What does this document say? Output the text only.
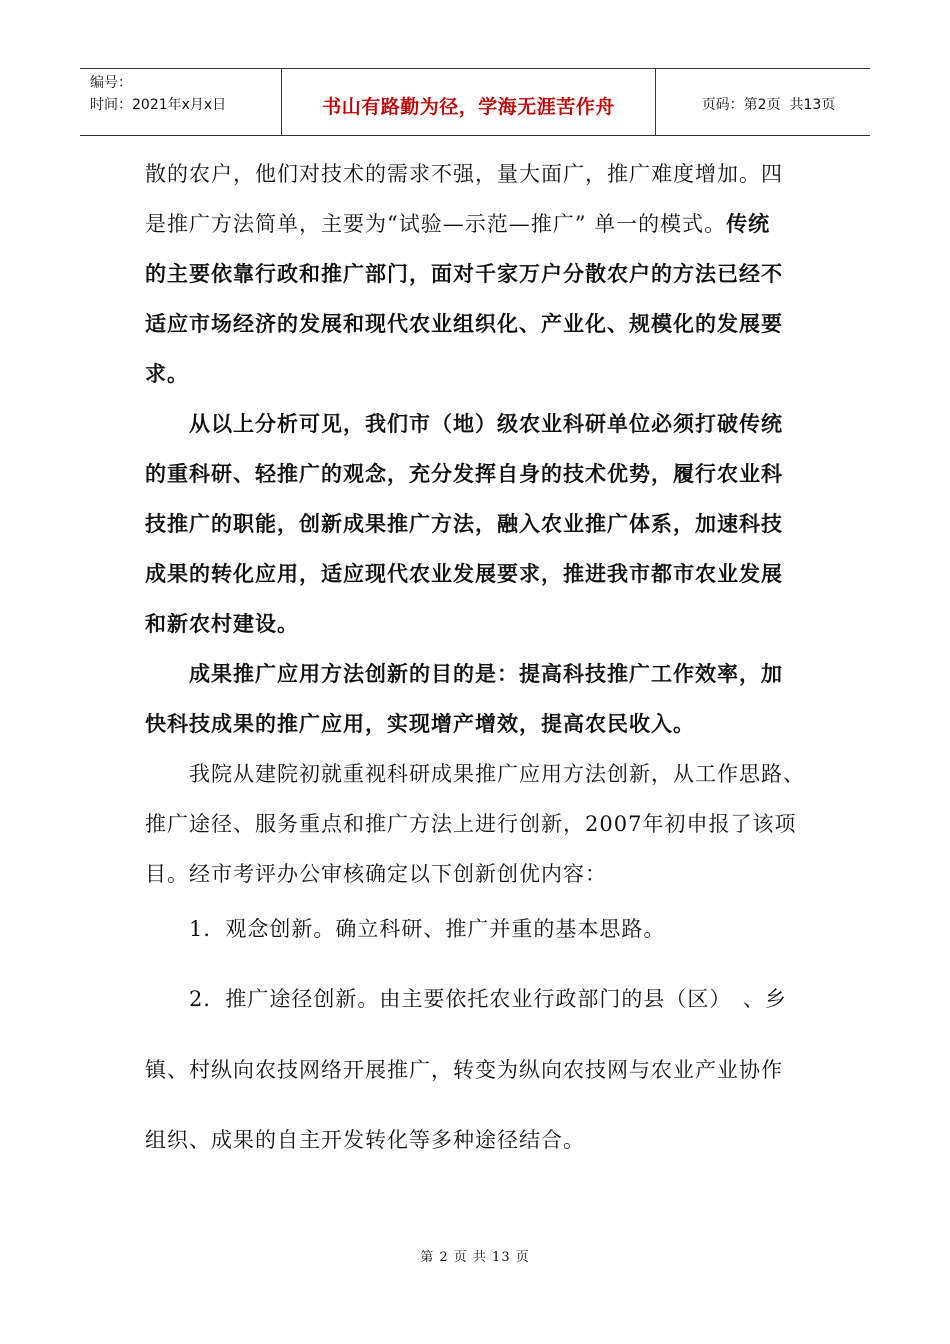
编号：
时间：2021年x月x日	书山有路勤为径，学海无涯苦作舟	页码：第2页  共13页
散的农户，他们对技术的需求不强，量大面广，推广难度增加。四
是推广方法简单，主要为“试验—示范—推广” 单一的模式。传统
的主要依靠行政和推广部门，面对千家万户分散农户的方法已经不
适应市场经济的发展和现代农业组织化、产业化、规模化的发展要
求。
　　从以上分析可见，我们市（地）级农业科研单位必须打破传统
的重科研、轻推广的观念，充分发挥自身的技术优势，履行农业科
技推广的职能，创新成果推广方法，融入农业推广体系，加速科技
成果的转化应用，适应现代农业发展要求，推进我市都市农业发展
和新农村建设。
　　成果推广应用方法创新的目的是：提高科技推广工作效率，加
快科技成果的推广应用，实现增产增效，提高农民收入。
　　我院从建院初就重视科研成果推广应用方法创新，从工作思路、
推广途径、服务重点和推广方法上进行创新，2007年初申报了该项
目。经市考评办公审核确定以下创新创优内容：
　　1．观念创新。确立科研、推广并重的基本思路。
　　2．推广途径创新。由主要依托农业行政部门的县（区）　、乡
镇、村纵向农技网络开展推广，转变为纵向农技网与农业产业协作
组织、成果的自主开发转化等多种途径结合。
第 2 页 共 13 页
